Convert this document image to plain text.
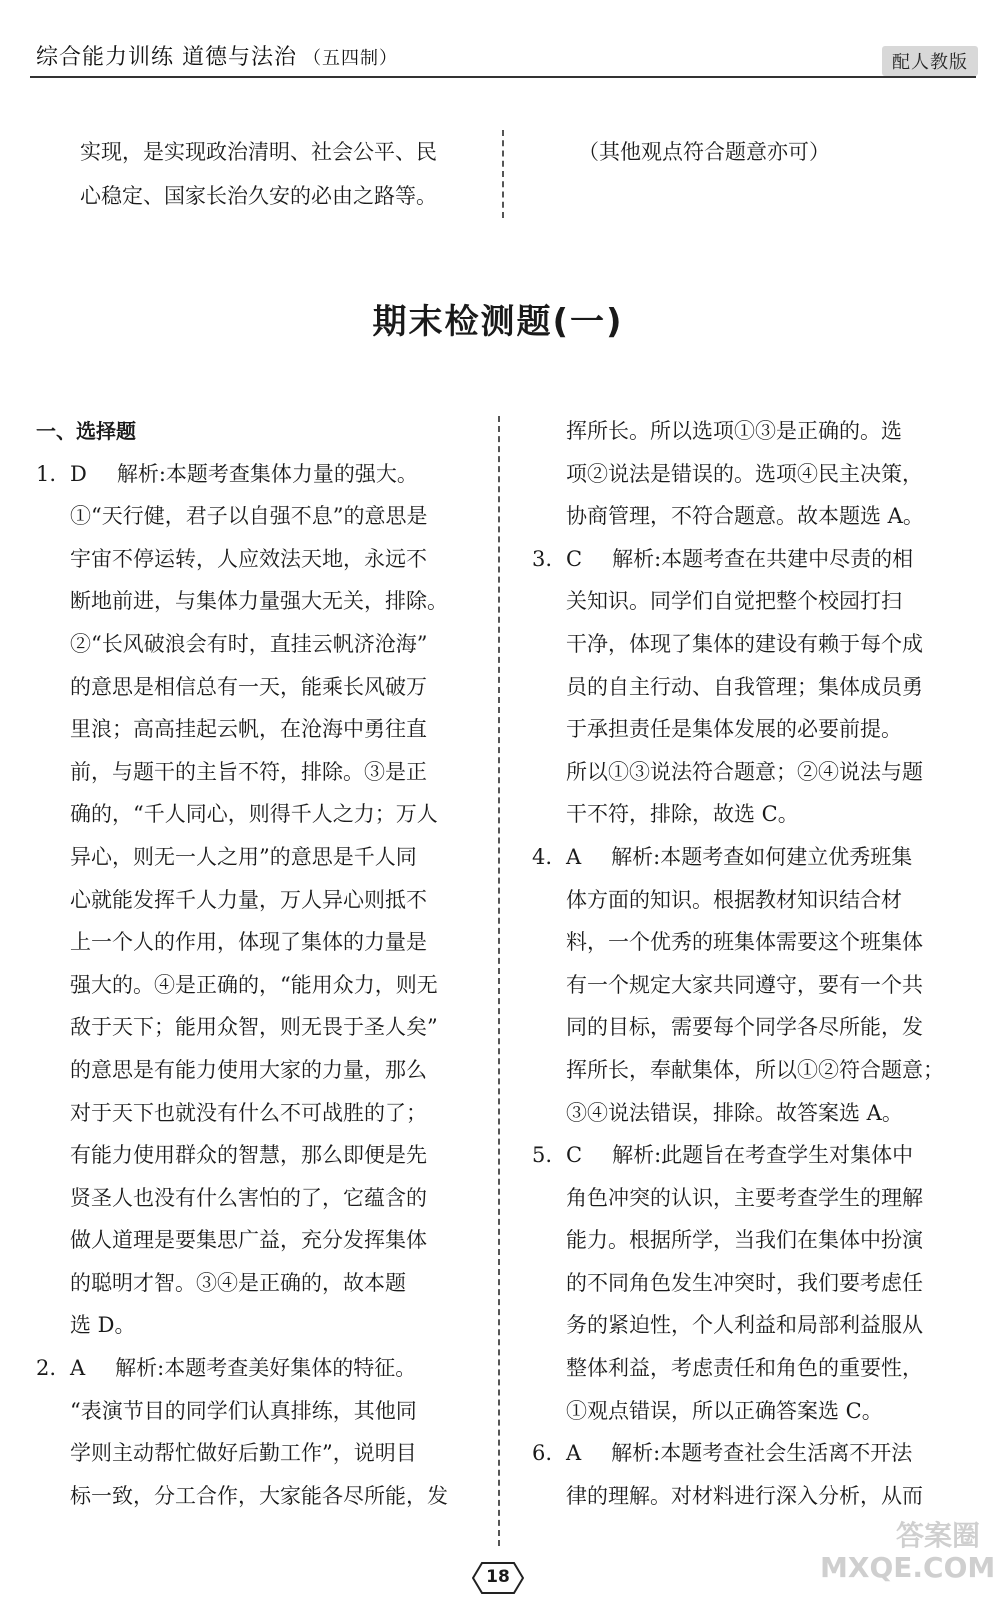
综合能力训练 道德与法治 （五四制）	配人教版
实现，是实现政治清明、社会公平、民
心稳定、国家长治久安的必由之路等。
（其他观点符合题意亦可）
期末检测题(一)
一、选择题
1. D 解析:本题考查集体力量的强大。
①“天行健，君子以自强不息”的意思是
宇宙不停运转，人应效法天地，永远不
断地前进，与集体力量强大无关，排除。
②“长风破浪会有时，直挂云帆济沧海”
的意思是相信总有一天，能乘长风破万
里浪；高高挂起云帆，在沧海中勇往直
前，与题干的主旨不符，排除。③是正
确的，“千人同心，则得千人之力；万人
异心，则无一人之用”的意思是千人同
心就能发挥千人力量，万人异心则抵不
上一个人的作用，体现了集体的力量是
强大的。④是正确的，“能用众力，则无
敌于天下；能用众智，则无畏于圣人矣”
的意思是有能力使用大家的力量，那么
对于天下也就没有什么不可战胜的了；
有能力使用群众的智慧，那么即便是先
贤圣人也没有什么害怕的了，它蕴含的
做人道理是要集思广益，充分发挥集体
的聪明才智。③④是正确的，故本题
选 D。
2. A 解析:本题考查美好集体的特征。
“表演节目的同学们认真排练，其他同
学则主动帮忙做好后勤工作”，说明目
标一致，分工合作，大家能各尽所能，发
挥所长。所以选项①③是正确的。选
项②说法是错误的。选项④民主决策，
协商管理，不符合题意。故本题选 A。
3. C 解析:本题考查在共建中尽责的相
关知识。同学们自觉把整个校园打扫
干净，体现了集体的建设有赖于每个成
员的自主行动、自我管理；集体成员勇
于承担责任是集体发展的必要前提。
所以①③说法符合题意；②④说法与题
干不符，排除，故选 C。
4. A 解析:本题考查如何建立优秀班集
体方面的知识。根据教材知识结合材
料，一个优秀的班集体需要这个班集体
有一个规定大家共同遵守，要有一个共
同的目标，需要每个同学各尽所能，发
挥所长，奉献集体，所以①②符合题意；
③④说法错误，排除。故答案选 A。
5. C 解析:此题旨在考查学生对集体中
角色冲突的认识，主要考查学生的理解
能力。根据所学，当我们在集体中扮演
的不同角色发生冲突时，我们要考虑任
务的紧迫性，个人利益和局部利益服从
整体利益，考虑责任和角色的重要性，
①观点错误，所以正确答案选 C。
6. A 解析:本题考查社会生活离不开法
律的理解。对材料进行深入分析，从而
答案圈 MXQE.COM
18
